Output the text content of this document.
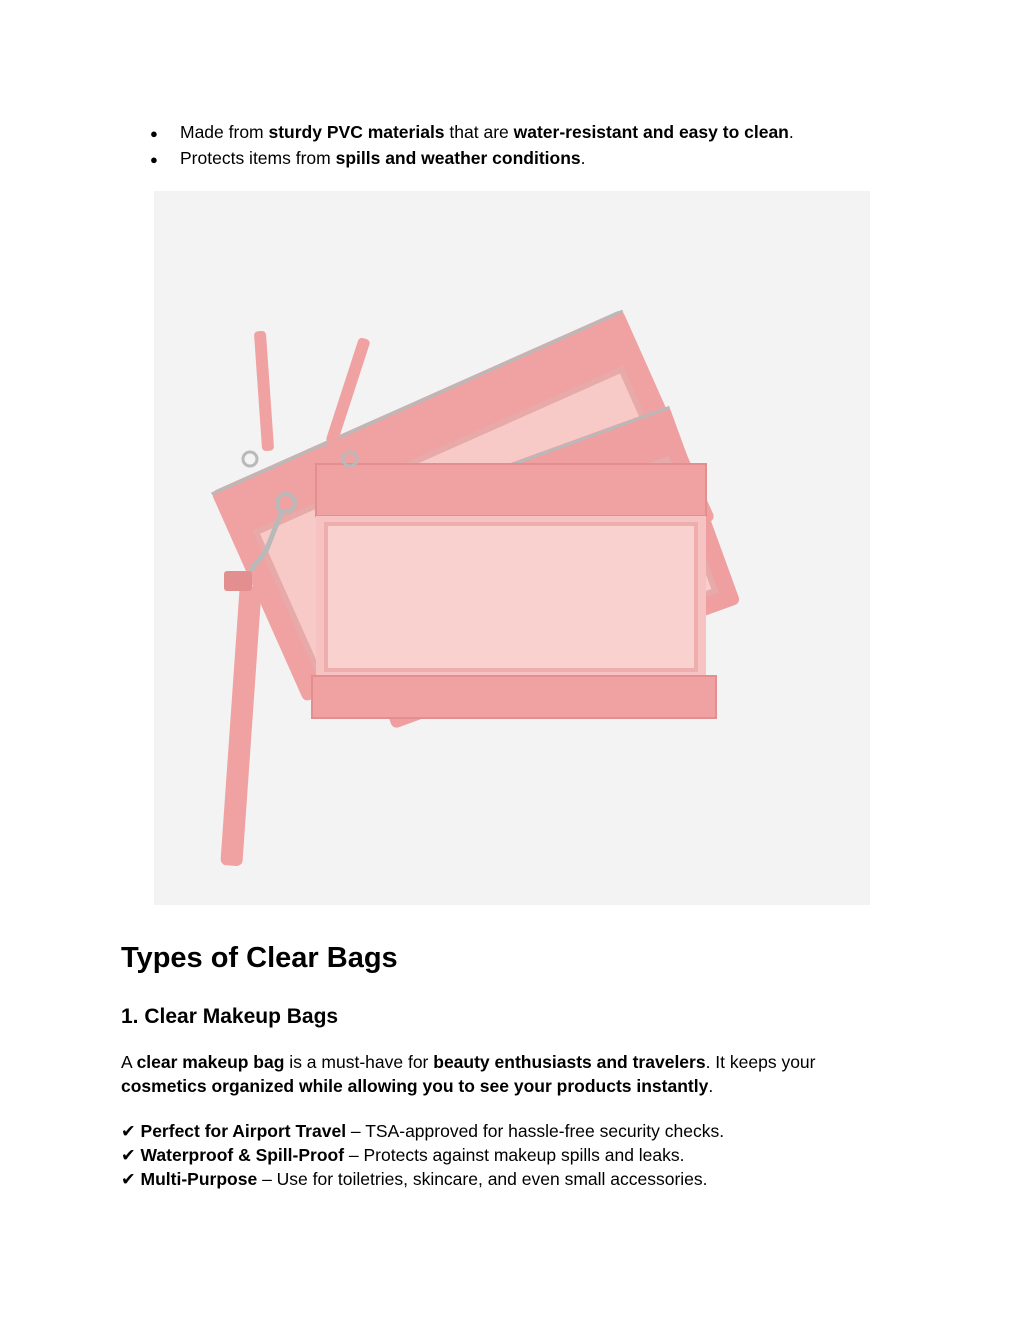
●	Made from sturdy PVC materials that are water-resistant and easy to clean.
●	Protects items from spills and weather conditions.
Types of Clear Bags
1. Clear Makeup Bags

A clear makeup bag is a must-have for beauty enthusiasts and travelers. It keeps your cosmetics organized while allowing you to see your products instantly.

✔ Perfect for Airport Travel – TSA-approved for hassle-free security checks.
✔ Waterproof & Spill-Proof – Protects against makeup spills and leaks.
✔ Multi-Purpose – Use for toiletries, skincare, and even small accessories.
